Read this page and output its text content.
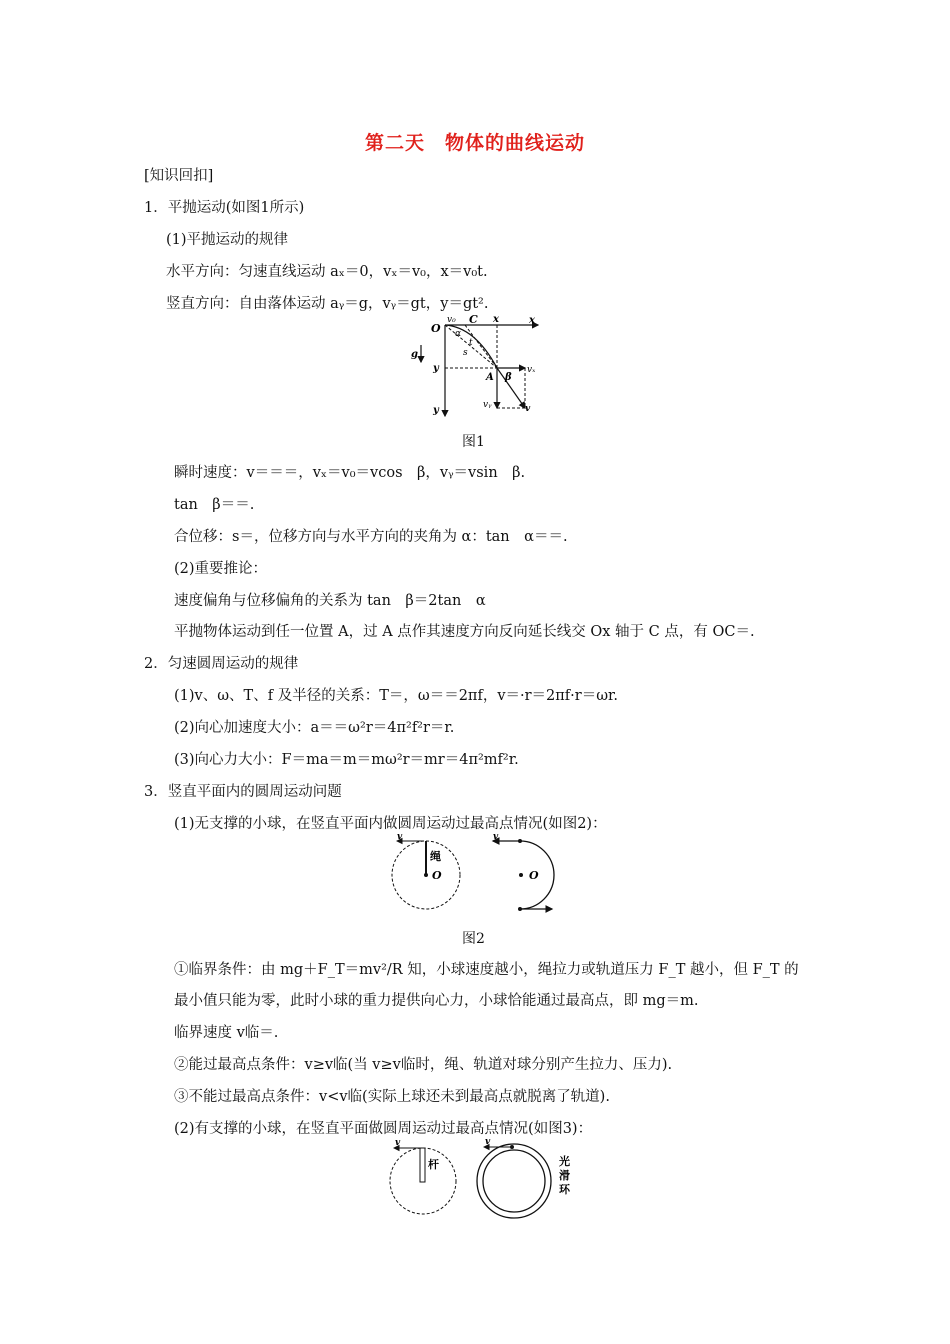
第二天　物体的曲线运动
[知识回扣]
1．平抛运动(如图1所示)
(1)平抛运动的规律
水平方向：匀速直线运动 aₓ＝0，vₓ＝v₀，x＝v₀t.
竖直方向：自由落体运动 aᵧ＝g，vᵧ＝gt，y＝gt².
O
v₀ C x	x
α
t
s
g
y
A β
vₓ
vᵧ	v
y
图1
瞬时速度：v＝＝＝，vₓ＝v₀＝vcos　β，vᵧ＝vsin　β.
tan　β＝＝.
合位移：s＝，位移方向与水平方向的夹角为 α：tan　α＝＝.
(2)重要推论：
速度偏角与位移偏角的关系为 tan　β＝2tan　α
平抛物体运动到任一位置 A，过 A 点作其速度方向反向延长线交 Ox 轴于 C 点，有 OC＝.
2．匀速圆周运动的规律
(1)v、ω、T、f 及半径的关系：T＝，ω＝＝2πf，v＝·r＝2πf·r＝ωr.
(2)向心加速度大小：a＝＝ω²r＝4π²f²r＝r.
(3)向心力大小：F＝ma＝m＝mω²r＝mr＝4π²mf²r.
3．竖直平面内的圆周运动问题
(1)无支撑的小球，在竖直平面内做圆周运动过最高点情况(如图2)：
v
绳
O
v
O
图2
①临界条件：由 mg＋F_T＝mv²/R 知，小球速度越小，绳拉力或轨道压力 F_T 越小，但 F_T 的
最小值只能为零，此时小球的重力提供向心力，小球恰能通过最高点，即 mg＝m.
临界速度 v临＝.
②能过最高点条件：v≥v临(当 v≥v临时，绳、轨道对球分别产生拉力、压力).
③不能过最高点条件：v<v临(实际上球还未到最高点就脱离了轨道).
(2)有支撑的小球，在竖直平面做圆周运动过最高点情况(如图3)：
v
杆
v
光
滑
环
